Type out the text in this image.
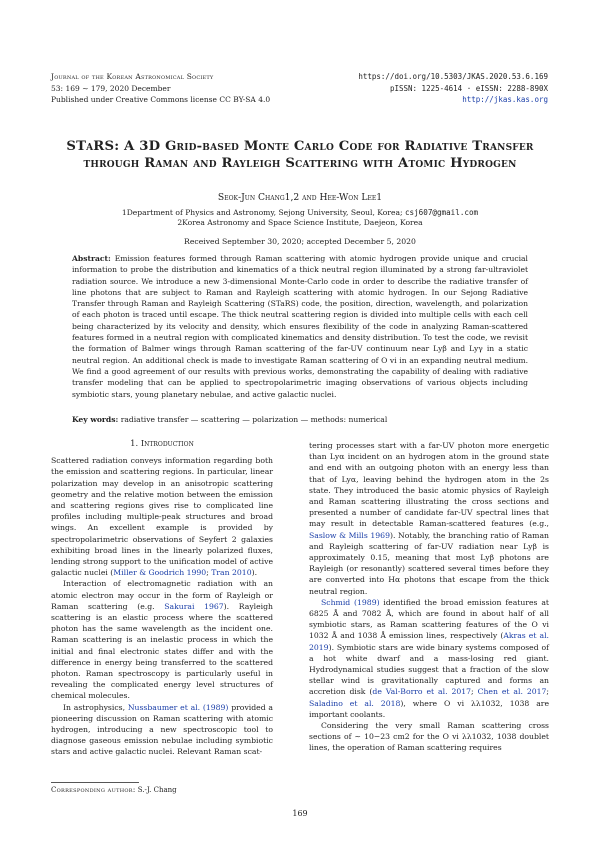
Journal of the Korean Astronomical Society
53: 169 ∼ 179, 2020 December
Published under Creative Commons license CC BY-SA 4.0
https://doi.org/10.5303/JKAS.2020.53.6.169
pISSN: 1225-4614 · eISSN: 2288-890X
http://jkas.kas.org
STaRS: A 3D Grid-based Monte Carlo Code for Radiative Transfer through Raman and Rayleigh Scattering with Atomic Hydrogen
Seok-Jun Chang1,2 and Hee-Won Lee1
1Department of Physics and Astronomy, Sejong University, Seoul, Korea; csj607@gmail.com
2Korea Astronomy and Space Science Institute, Daejeon, Korea
Received September 30, 2020; accepted December 5, 2020
Abstract: Emission features formed through Raman scattering with atomic hydrogen provide unique and crucial information to probe the distribution and kinematics of a thick neutral region illuminated by a strong far-ultraviolet radiation source. We introduce a new 3-dimensional Monte-Carlo code in order to describe the radiative transfer of line photons that are subject to Raman and Rayleigh scattering with atomic hydrogen. In our Sejong Radiative Transfer through Raman and Rayleigh Scattering (STaRS) code, the position, direction, wavelength, and polarization of each photon is traced until escape. The thick neutral scattering region is divided into multiple cells with each cell being characterized by its velocity and density, which ensures flexibility of the code in analyzing Raman-scattered features formed in a neutral region with complicated kinematics and density distribution. To test the code, we revisit the formation of Balmer wings through Raman scattering of the far-UV continuum near Lyβ and Lyγ in a static neutral region. An additional check is made to investigate Raman scattering of O vi in an expanding neutral medium. We find a good agreement of our results with previous works, demonstrating the capability of dealing with radiative transfer modeling that can be applied to spectropolarimetric imaging observations of various objects including symbiotic stars, young planetary nebulae, and active galactic nuclei.
Key words: radiative transfer — scattering — polarization — methods: numerical
1. Introduction

Scattered radiation conveys information regarding both the emission and scattering regions. In particular, linear polarization may develop in an anisotropic scattering geometry and the relative motion between the emission and scattering regions gives rise to complicated line profiles including multiple-peak structures and broad wings. An excellent example is provided by spectropolarimetric observations of Seyfert 2 galaxies exhibiting broad lines in the linearly polarized fluxes, lending strong support to the unification model of active galactic nuclei (Miller & Goodrich 1990; Tran 2010).

Interaction of electromagnetic radiation with an atomic electron may occur in the form of Rayleigh or Raman scattering (e.g. Sakurai 1967). Rayleigh scattering is an elastic process where the scattered photon has the same wavelength as the incident one. Raman scattering is an inelastic process in which the initial and final electronic states differ and with the difference in energy being transferred to the scattered photon. Raman spectroscopy is particularly useful in revealing the complicated energy level structures of chemical molecules.

In astrophysics, Nussbaumer et al. (1989) provided a pioneering discussion on Raman scattering with atomic hydrogen, introducing a new spectroscopic tool to diagnose gaseous emission nebulae including symbiotic stars and active galactic nuclei. Relevant Raman scat-

tering processes start with a far-UV photon more energetic than Lyα incident on an hydrogen atom in the ground state and end with an outgoing photon with an energy less than that of Lyα, leaving behind the hydrogen atom in the 2s state. They introduced the basic atomic physics of Rayleigh and Raman scattering illustrating the cross sections and presented a number of candidate far-UV spectral lines that may result in detectable Raman-scattered features (e.g., Saslow & Mills 1969). Notably, the branching ratio of Raman and Rayleigh scattering of far-UV radiation near Lyβ is approximately 0.15, meaning that most Lyβ photons are Rayleigh (or resonantly) scattered several times before they are converted into Hα photons that escape from the thick neutral region.

Schmid (1989) identified the broad emission features at 6825 Å and 7082 Å, which are found in about half of all symbiotic stars, as Raman scattering features of the O vi 1032 Å and 1038 Å emission lines, respectively (Akras et al. 2019). Symbiotic stars are wide binary systems composed of a hot white dwarf and a mass-losing red giant. Hydrodynamical studies suggest that a fraction of the slow stellar wind is gravitationally captured and forms an accretion disk (de Val-Borro et al. 2017; Chen et al. 2017; Saladino et al. 2018), where O vi λλ1032, 1038 are important coolants.

Considering the very small Raman scattering cross sections of ∼ 10−23 cm2 for the O vi λλ1032, 1038 doublet lines, the operation of Raman scattering requires

Corresponding author: S.-J. Chang
169
